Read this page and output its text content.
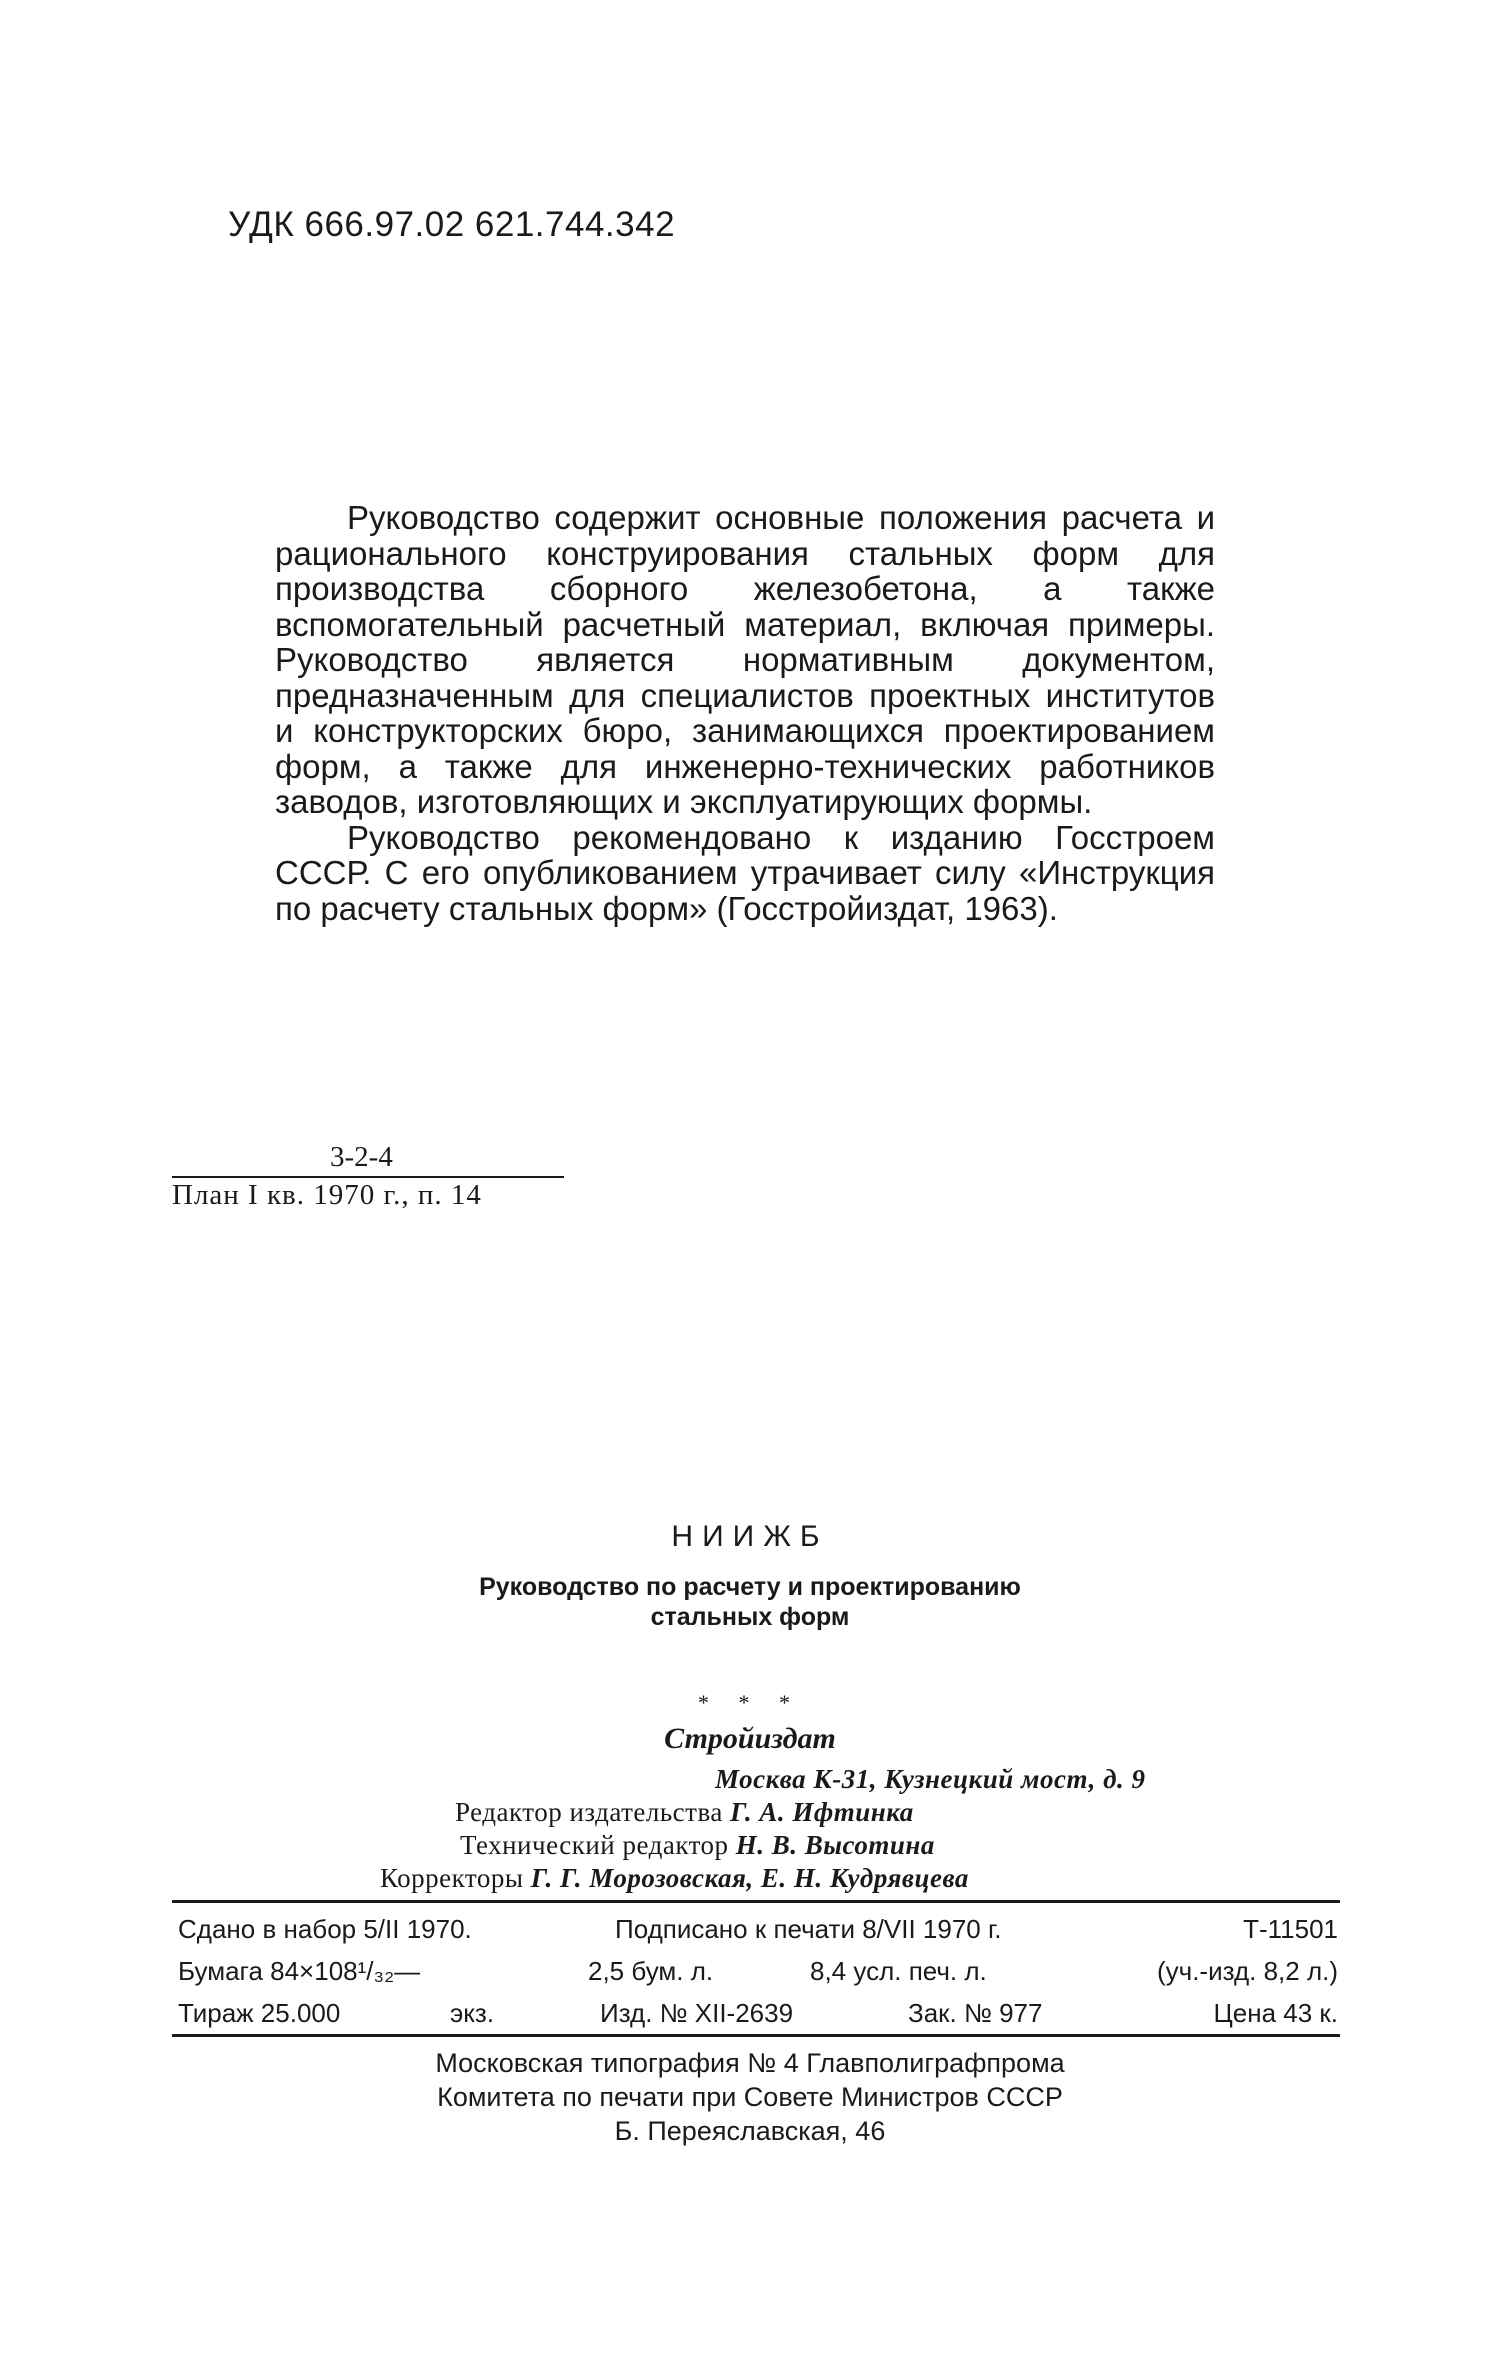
УДК 666.97.02 621.744.342

Руководство содержит основные положения расчета и рационального конструирования стальных форм для производства сборного железобетона, а также вспомогательный расчетный материал, включая примеры. Руководство является нормативным документом, предназначенным для специалистов проектных институтов и конструкторских бюро, занимающихся проектированием форм, а также для инженерно-технических работников заводов, изготовляющих и эксплуатирующих формы.

Руководство рекомендовано к изданию Госстроем СССР. С его опубликованием утрачивает силу «Инструкция по расчету стальных форм» (Госстройиздат, 1963).

3-2-4
План I кв. 1970 г., п. 14
НИИЖБ
Руководство по расчету и проектированию
стальных форм
* * *
Стройиздат
Москва К-31, Кузнецкий мост, д. 9
Редактор издательства Г. А. Ифтинка
Технический редактор Н. В. Высотина
Корректоры Г. Г. Морозовская, Е. Н. Кудрявцева
Сдано в набор 5/II 1970.	Подписано к печати 8/VII 1970 г.	Т-11501
Бумага 84×108¹/₃₂—	2,5 бум. л.	8,4 усл. печ. л.	(уч.-изд. 8,2 л.)
Тираж 25.000	экз.	Изд. № XII-2639	Зак. № 977	Цена 43 к.
Московская типография № 4 Главполиграфпрома
Комитета по печати при Совете Министров СССР
Б. Переяславская, 46
